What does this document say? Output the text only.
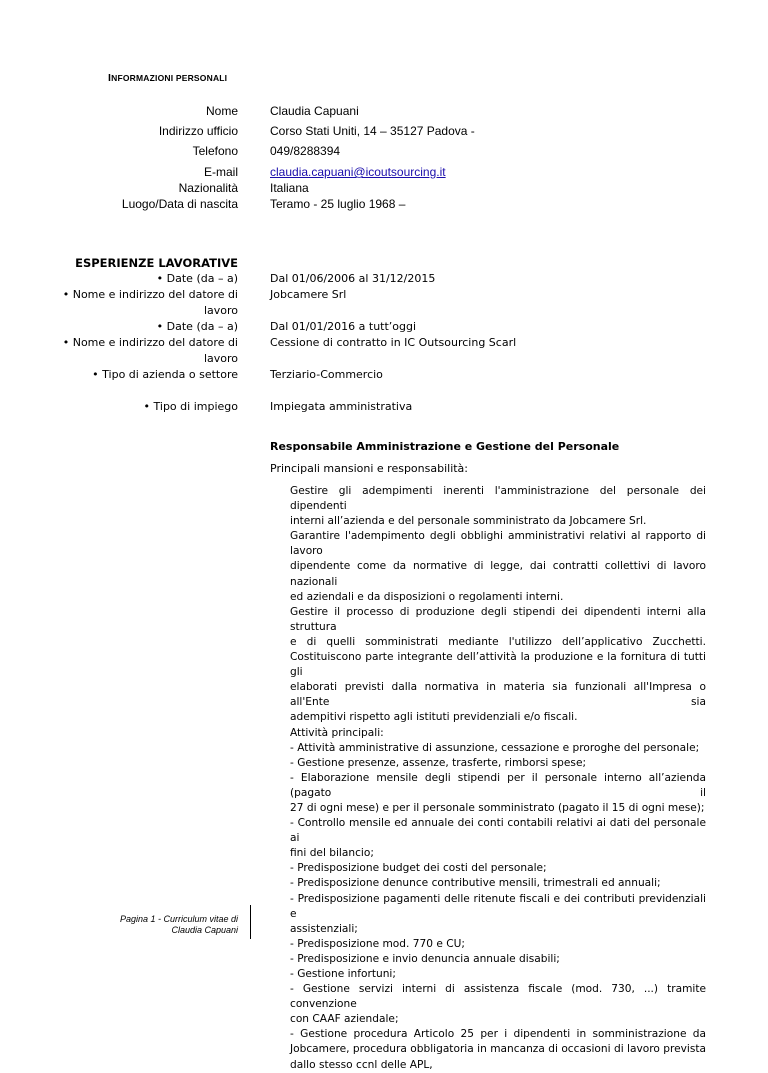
INFORMAZIONI PERSONALI
Nome	Claudia Capuani
Indirizzo ufficio	Corso Stati Uniti, 14 – 35127 Padova -
Telefono	049/8288394
E-mail	claudia.capuani@icoutsourcing.it
Nazionalità	Italiana
Luogo/Data di nascita	Teramo - 25 luglio 1968 –
ESPERIENZE LAVORATIVE
• Date (da – a)	Dal 01/06/2006 al 31/12/2015
• Nome e indirizzo del datore di	Jobcamere Srl
lavoro
• Date (da – a)	Dal 01/01/2016 a tutt’oggi
• Nome e indirizzo del datore di	Cessione di contratto in IC Outsourcing Scarl
lavoro
• Tipo di azienda o settore	Terziario-Commercio
• Tipo di impiego	Impiegata amministrativa
Responsabile Amministrazione e Gestione del Personale
Principali mansioni e responsabilità:
Gestire gli adempimenti inerenti l'amministrazione del personale dei dipendenti
interni all’azienda e del personale somministrato da Jobcamere Srl.
Garantire l'adempimento degli obblighi amministrativi relativi al rapporto di lavoro
dipendente come da normative di legge, dai contratti collettivi di lavoro nazionali
ed aziendali e da disposizioni o regolamenti interni.
Gestire il processo di produzione degli stipendi dei dipendenti interni alla struttura
e di quelli somministrati mediante l'utilizzo dell’applicativo Zucchetti.
Costituiscono parte integrante dell’attività la produzione e la fornitura di tutti gli
elaborati previsti dalla normativa in materia sia funzionali all'Impresa o all'Ente sia
adempitivi rispetto agli istituti previdenziali e/o fiscali.
Attività principali:
- Attività amministrative di assunzione, cessazione e proroghe del personale;
- Gestione presenze, assenze, trasferte, rimborsi spese;
- Elaborazione mensile degli stipendi per il personale interno all’azienda (pagato il
27 di ogni mese) e per il personale somministrato (pagato il 15 di ogni mese);
- Controllo mensile ed annuale dei conti contabili relativi ai dati del personale ai
fini del bilancio;
- Predisposizione budget dei costi del personale;
- Predisposizione denunce contributive mensili, trimestrali ed annuali;
- Predisposizione pagamenti delle ritenute fiscali e dei contributi previdenziali e
assistenziali;
- Predisposizione mod. 770 e CU;
- Predisposizione e invio denuncia annuale disabili;
- Gestione infortuni;
- Gestione servizi interni di assistenza fiscale (mod. 730, ...) tramite convenzione
con CAAF aziendale;
- Gestione procedura Articolo 25 per i dipendenti in somministrazione da
Jobcamere, procedura obbligatoria in mancanza di occasioni di lavoro prevista
dallo stesso ccnl delle APL,
Pagina 1 - Curriculum vitae di
Claudia Capuani
